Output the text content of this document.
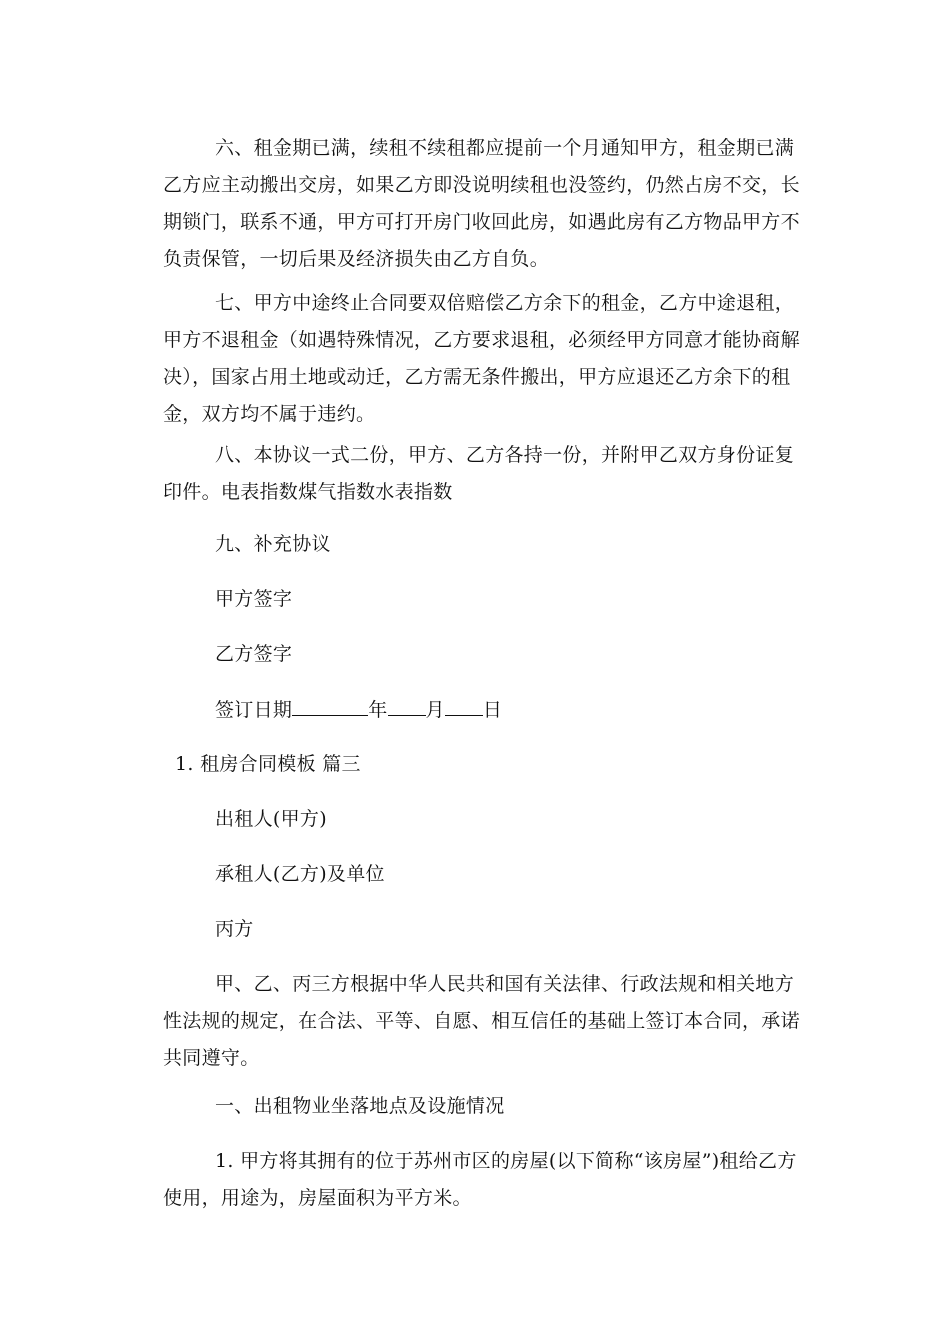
六、租金期已满，续租不续租都应提前一个月通知甲方，租金期已满乙方应主动搬出交房，如果乙方即没说明续租也没签约，仍然占房不交，长期锁门，联系不通，甲方可打开房门收回此房，如遇此房有乙方物品甲方不负责保管，一切后果及经济损失由乙方自负。

七、甲方中途终止合同要双倍赔偿乙方余下的租金，乙方中途退租，甲方不退租金（如遇特殊情况，乙方要求退租，必须经甲方同意才能协商解决），国家占用土地或动迁，乙方需无条件搬出，甲方应退还乙方余下的租金，双方均不属于违约。

八、本协议一式二份，甲方、乙方各持一份，并附甲乙双方身份证复印件。电表指数煤气指数水表指数

九、补充协议

甲方签字

乙方签字

签订日期	年 月 日

1. 租房合同模板 篇三

出租人(甲方)

承租人(乙方)及单位

丙方

甲、乙、丙三方根据中华人民共和国有关法律、行政法规和相关地方性法规的规定，在合法、平等、自愿、相互信任的基础上签订本合同，承诺共同遵守。

一、出租物业坐落地点及设施情况

1. 甲方将其拥有的位于苏州市区的房屋(以下简称“该房屋”)租给乙方使用，用途为，房屋面积为平方米。
